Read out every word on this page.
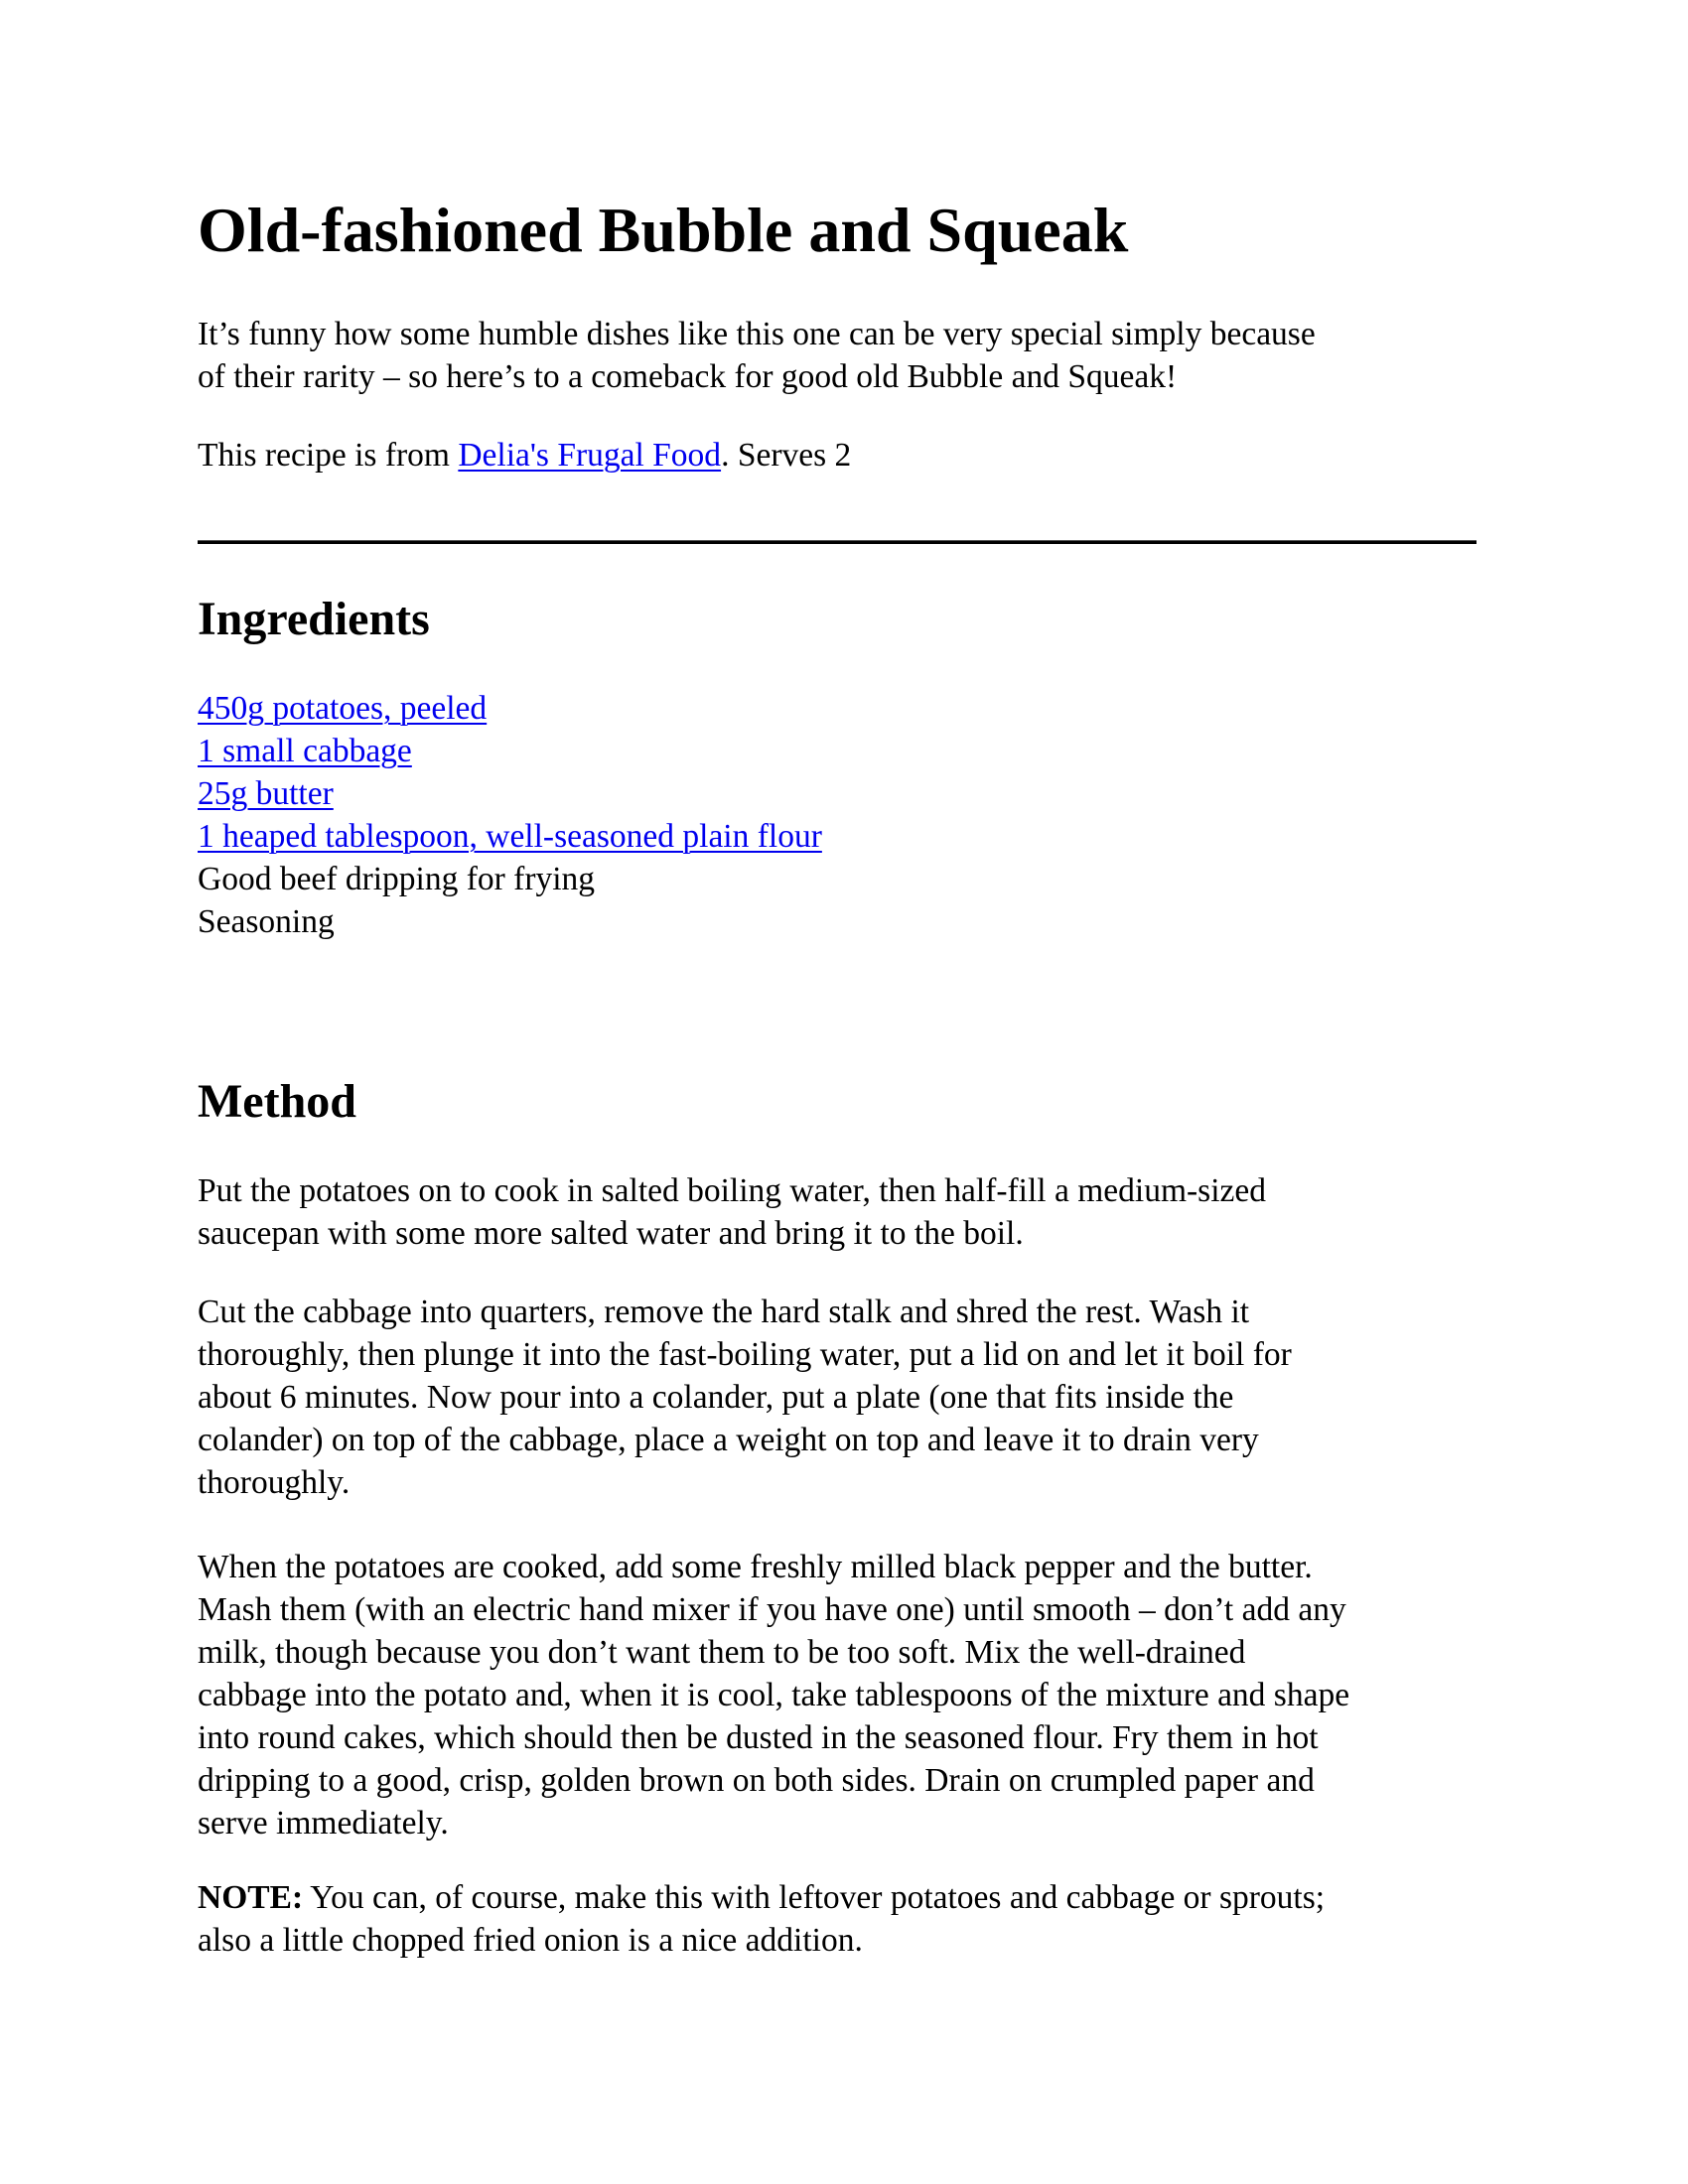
Old-fashioned Bubble and Squeak

It’s funny how some humble dishes like this one can be very special simply because

of their rarity – so here’s to a comeback for good old Bubble and Squeak!

This recipe is from Delia's Frugal Food. Serves 2

Ingredients
450g potatoes, peeled
1 small cabbage
25g butter
1 heaped tablespoon, well-seasoned plain flour
Good beef dripping for frying
Seasoning
Method

Put the potatoes on to cook in salted boiling water, then half-fill a medium-sized

saucepan with some more salted water and bring it to the boil.

Cut the cabbage into quarters, remove the hard stalk and shred the rest. Wash it

thoroughly, then plunge it into the fast-boiling water, put a lid on and let it boil for

about 6 minutes. Now pour into a colander, put a plate (one that fits inside the

colander) on top of the cabbage, place a weight on top and leave it to drain very

thoroughly.

When the potatoes are cooked, add some freshly milled black pepper and the butter.

Mash them (with an electric hand mixer if you have one) until smooth – don’t add any

milk, though because you don’t want them to be too soft. Mix the well-drained

cabbage into the potato and, when it is cool, take tablespoons of the mixture and shape

into round cakes, which should then be dusted in the seasoned flour. Fry them in hot

dripping to a good, crisp, golden brown on both sides. Drain on crumpled paper and

serve immediately.

NOTE: You can, of course, make this with leftover potatoes and cabbage or sprouts;

also a little chopped fried onion is a nice addition.
